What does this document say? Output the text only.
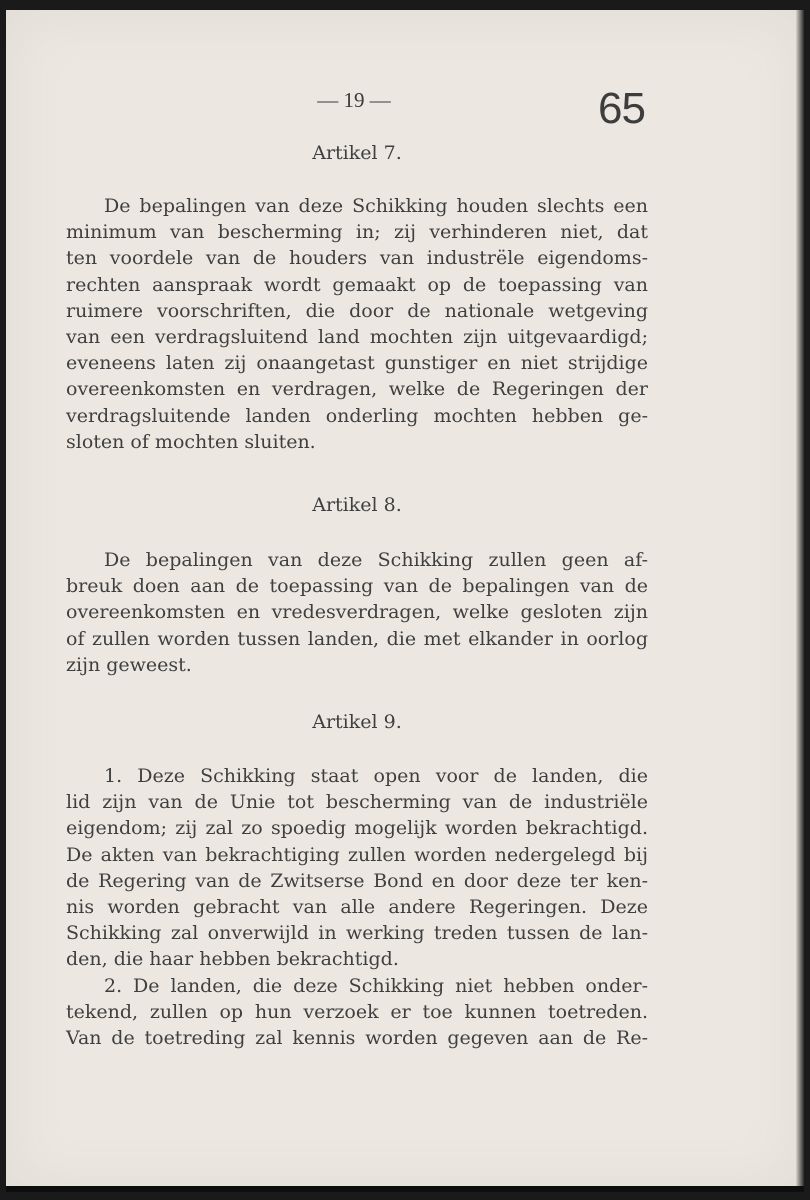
— 19 —	65
Artikel 7.
De bepalingen van deze Schikking houden slechts een
minimum van bescherming in; zij verhinderen niet, dat
ten voordele van de houders van industrële eigendoms-
rechten aanspraak wordt gemaakt op de toepassing van
ruimere voorschriften, die door de nationale wetgeving
van een verdragsluitend land mochten zijn uitgevaardigd;
eveneens laten zij onaangetast gunstiger en niet strijdige
overeenkomsten en verdragen, welke de Regeringen der
verdragsluitende landen onderling mochten hebben ge-
sloten of mochten sluiten.
Artikel 8.
De bepalingen van deze Schikking zullen geen af-
breuk doen aan de toepassing van de bepalingen van de
overeenkomsten en vredesverdragen, welke gesloten zijn
of zullen worden tussen landen, die met elkander in oorlog
zijn geweest.
Artikel 9.
1. Deze Schikking staat open voor de landen, die
lid zijn van de Unie tot bescherming van de industriële
eigendom; zij zal zo spoedig mogelijk worden bekrachtigd.
De akten van bekrachtiging zullen worden nedergelegd bij
de Regering van de Zwitserse Bond en door deze ter ken-
nis worden gebracht van alle andere Regeringen. Deze
Schikking zal onverwijld in werking treden tussen de lan-
den, die haar hebben bekrachtigd.
2. De landen, die deze Schikking niet hebben onder-
tekend, zullen op hun verzoek er toe kunnen toetreden.
Van de toetreding zal kennis worden gegeven aan de Re-
